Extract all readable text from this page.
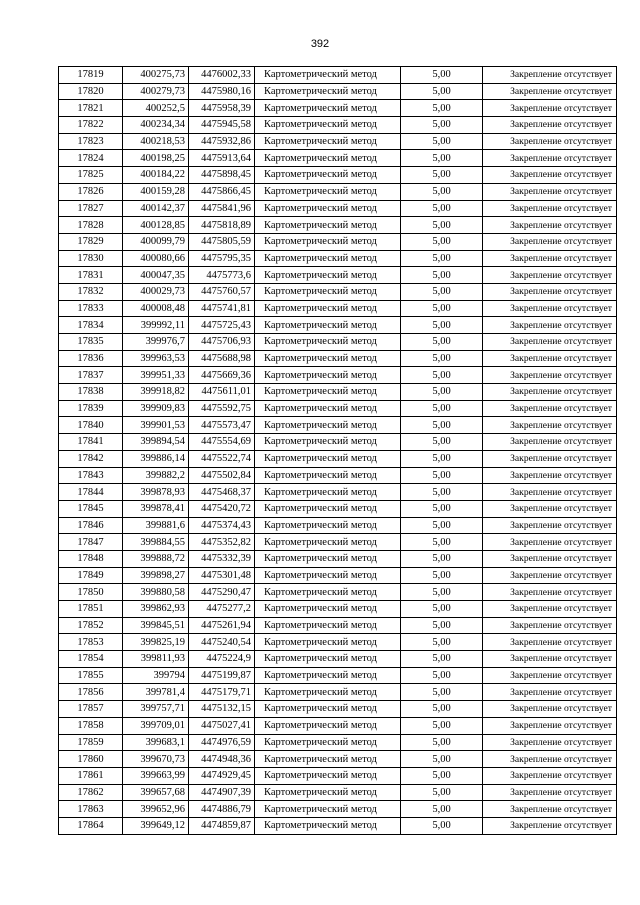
392
17819	400275,73	4476002,33	Картометрический метод	5,00	Закрепление отсутствует
17820	400279,73	4475980,16	Картометрический метод	5,00	Закрепление отсутствует
17821	400252,5	4475958,39	Картометрический метод	5,00	Закрепление отсутствует
17822	400234,34	4475945,58	Картометрический метод	5,00	Закрепление отсутствует
17823	400218,53	4475932,86	Картометрический метод	5,00	Закрепление отсутствует
17824	400198,25	4475913,64	Картометрический метод	5,00	Закрепление отсутствует
17825	400184,22	4475898,45	Картометрический метод	5,00	Закрепление отсутствует
17826	400159,28	4475866,45	Картометрический метод	5,00	Закрепление отсутствует
17827	400142,37	4475841,96	Картометрический метод	5,00	Закрепление отсутствует
17828	400128,85	4475818,89	Картометрический метод	5,00	Закрепление отсутствует
17829	400099,79	4475805,59	Картометрический метод	5,00	Закрепление отсутствует
17830	400080,66	4475795,35	Картометрический метод	5,00	Закрепление отсутствует
17831	400047,35	4475773,6	Картометрический метод	5,00	Закрепление отсутствует
17832	400029,73	4475760,57	Картометрический метод	5,00	Закрепление отсутствует
17833	400008,48	4475741,81	Картометрический метод	5,00	Закрепление отсутствует
17834	399992,11	4475725,43	Картометрический метод	5,00	Закрепление отсутствует
17835	399976,7	4475706,93	Картометрический метод	5,00	Закрепление отсутствует
17836	399963,53	4475688,98	Картометрический метод	5,00	Закрепление отсутствует
17837	399951,33	4475669,36	Картометрический метод	5,00	Закрепление отсутствует
17838	399918,82	4475611,01	Картометрический метод	5,00	Закрепление отсутствует
17839	399909,83	4475592,75	Картометрический метод	5,00	Закрепление отсутствует
17840	399901,53	4475573,47	Картометрический метод	5,00	Закрепление отсутствует
17841	399894,54	4475554,69	Картометрический метод	5,00	Закрепление отсутствует
17842	399886,14	4475522,74	Картометрический метод	5,00	Закрепление отсутствует
17843	399882,2	4475502,84	Картометрический метод	5,00	Закрепление отсутствует
17844	399878,93	4475468,37	Картометрический метод	5,00	Закрепление отсутствует
17845	399878,41	4475420,72	Картометрический метод	5,00	Закрепление отсутствует
17846	399881,6	4475374,43	Картометрический метод	5,00	Закрепление отсутствует
17847	399884,55	4475352,82	Картометрический метод	5,00	Закрепление отсутствует
17848	399888,72	4475332,39	Картометрический метод	5,00	Закрепление отсутствует
17849	399898,27	4475301,48	Картометрический метод	5,00	Закрепление отсутствует
17850	399880,58	4475290,47	Картометрический метод	5,00	Закрепление отсутствует
17851	399862,93	4475277,2	Картометрический метод	5,00	Закрепление отсутствует
17852	399845,51	4475261,94	Картометрический метод	5,00	Закрепление отсутствует
17853	399825,19	4475240,54	Картометрический метод	5,00	Закрепление отсутствует
17854	399811,93	4475224,9	Картометрический метод	5,00	Закрепление отсутствует
17855	399794	4475199,87	Картометрический метод	5,00	Закрепление отсутствует
17856	399781,4	4475179,71	Картометрический метод	5,00	Закрепление отсутствует
17857	399757,71	4475132,15	Картометрический метод	5,00	Закрепление отсутствует
17858	399709,01	4475027,41	Картометрический метод	5,00	Закрепление отсутствует
17859	399683,1	4474976,59	Картометрический метод	5,00	Закрепление отсутствует
17860	399670,73	4474948,36	Картометрический метод	5,00	Закрепление отсутствует
17861	399663,99	4474929,45	Картометрический метод	5,00	Закрепление отсутствует
17862	399657,68	4474907,39	Картометрический метод	5,00	Закрепление отсутствует
17863	399652,96	4474886,79	Картометрический метод	5,00	Закрепление отсутствует
17864	399649,12	4474859,87	Картометрический метод	5,00	Закрепление отсутствует
